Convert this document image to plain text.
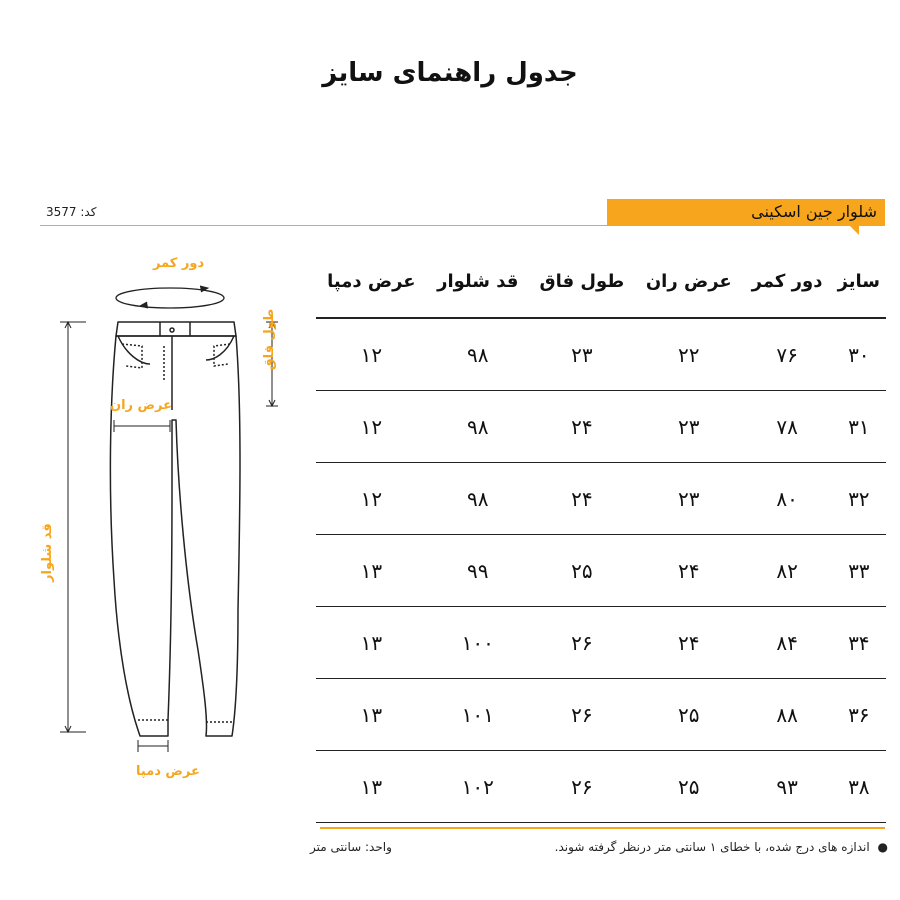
جدول راهنمای سایز
کد: 3577	شلوار جین اسکینی
دور کمر
طول فاق
عرض ران
قد شلوار
عرض دمپا
سایز	دور کمر	عرض ران	طول فاق	قد شلوار	عرض دمپا
۳۰	۷۶	۲۲	۲۳	۹۸	۱۲
۳۱	۷۸	۲۳	۲۴	۹۸	۱۲
۳۲	۸۰	۲۳	۲۴	۹۸	۱۲
۳۳	۸۲	۲۴	۲۵	۹۹	۱۳
۳۴	۸۴	۲۴	۲۶	۱۰۰	۱۳
۳۶	۸۸	۲۵	۲۶	۱۰۱	۱۳
۳۸	۹۳	۲۵	۲۶	۱۰۲	۱۳
● اندازه های درج شده، با خطای ۱ سانتی متر درنظر گرفته شوند.
واحد: سانتی متر
